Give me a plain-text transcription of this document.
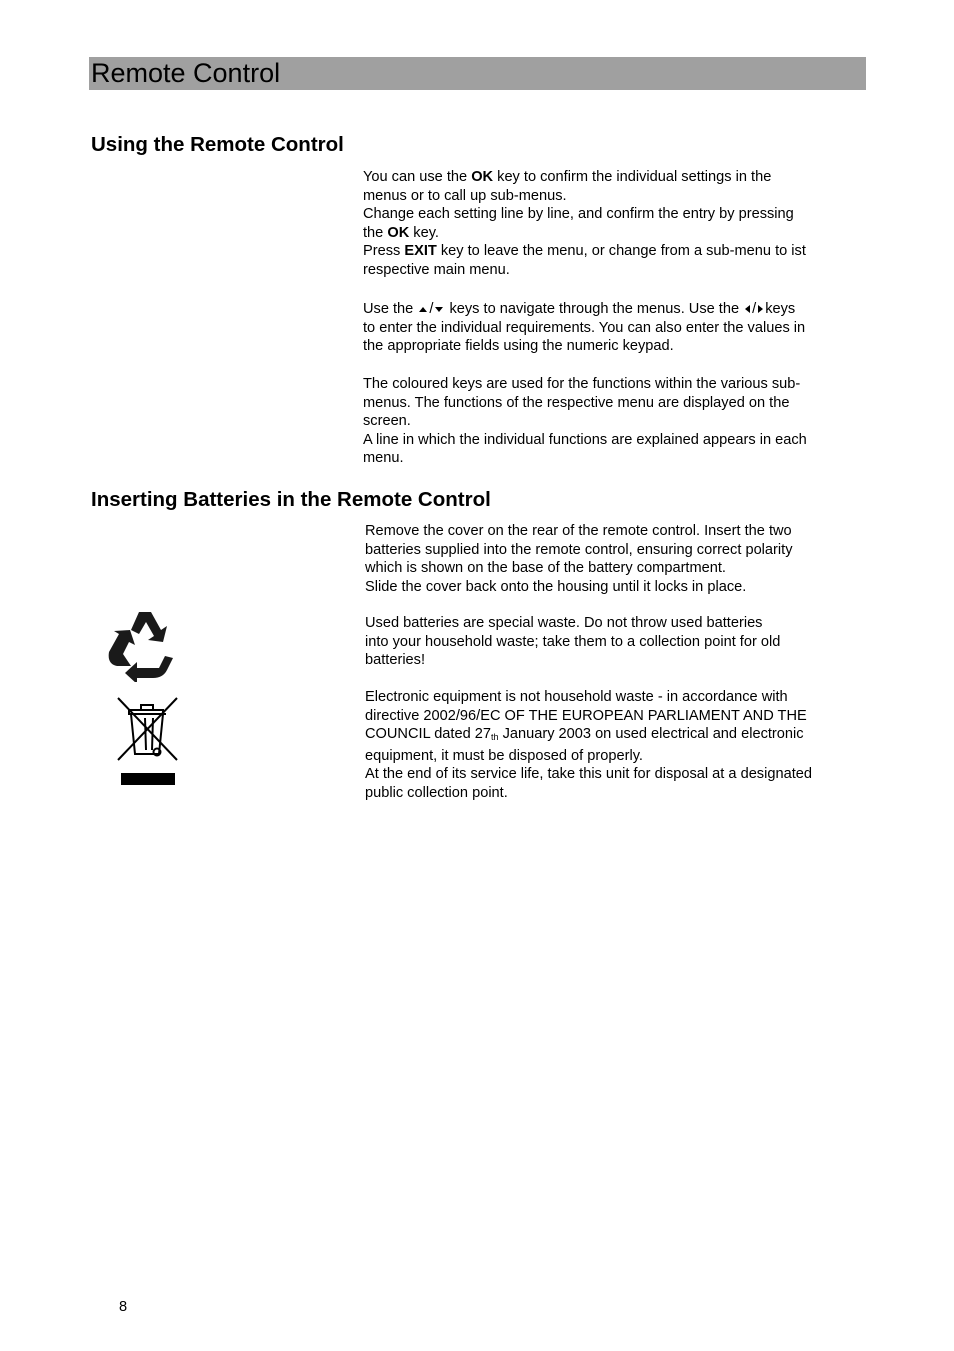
Remote Control
Using the Remote Control
You can use the OK key to confirm the individual settings in the
menus or to call up sub-menus.
Change each setting line by line, and confirm the entry by pressing
the OK key.
Press EXIT key to leave the menu, or change from a sub-menu to ist
respective main menu.
Use the / keys to navigate through the menus. Use the / keys
to enter the individual requirements. You can also enter the values in
the appropriate fields using the numeric keypad.
The coloured keys are used for the functions within the various sub-
menus. The functions of the respective menu are displayed on the
screen.
A line in which the individual functions are explained appears in each
menu.
Inserting Batteries in the Remote Control
Remove the cover on the rear of the remote control. Insert the two
batteries supplied into the remote control, ensuring correct polarity
which is shown on the base of the battery compartment.
Slide the cover back onto the housing until it locks in place.
Used batteries are special waste. Do not throw used batteries
into your household waste; take them to a collection point for old
batteries!
Electronic equipment is not household waste - in accordance with
directive 2002/96/EC OF THE EUROPEAN PARLIAMENT AND THE
COUNCIL dated $27_{th}$ January 2003 on used electrical and electronic
equipment, it must be disposed of properly.
At the end of its service life, take this unit for disposal at a designated
public collection point.
8
